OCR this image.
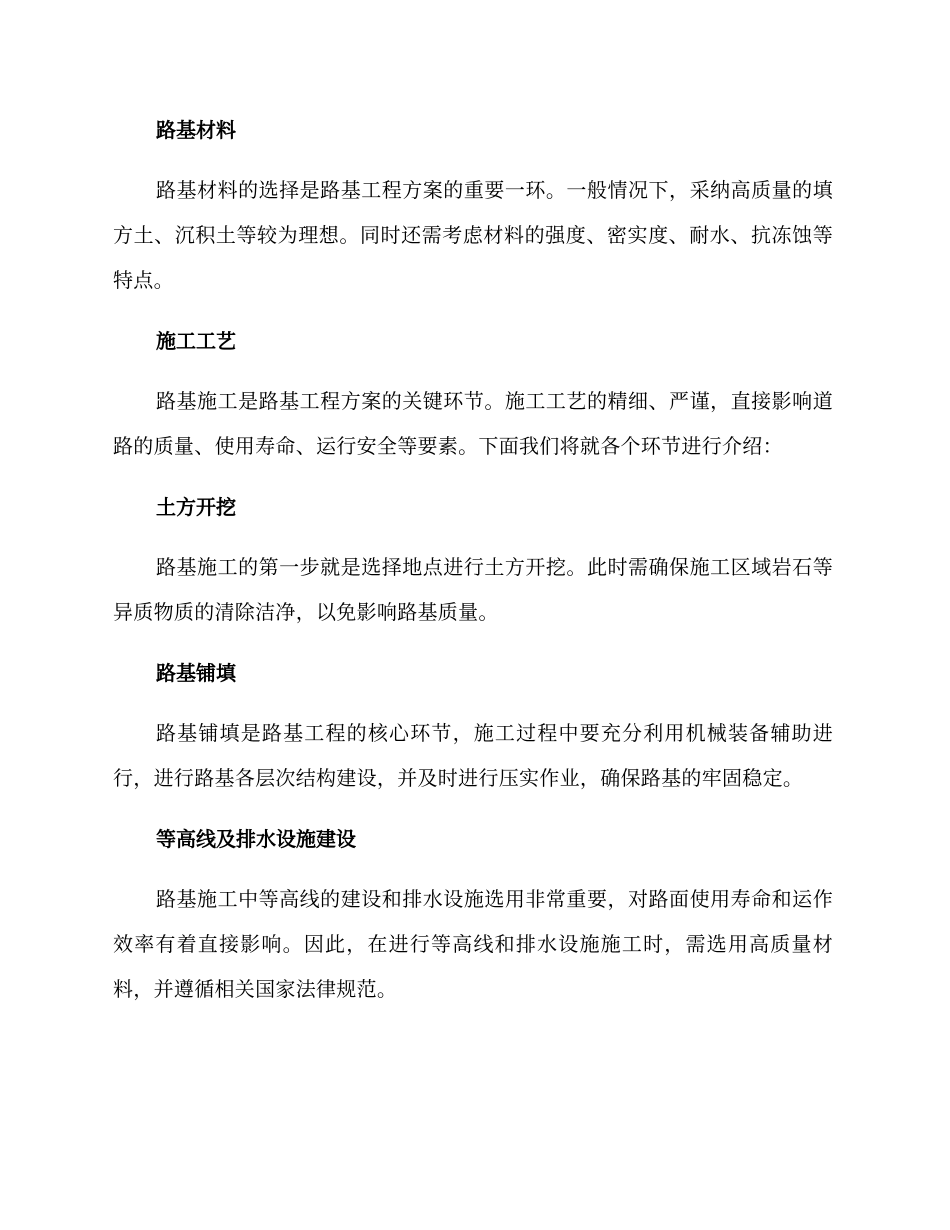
路基材料

路基材料的选择是路基工程方案的重要一环。一般情况下，采纳高质量的填方土、沉积土等较为理想。同时还需考虑材料的强度、密实度、耐水、抗冻蚀等特点。

施工工艺

路基施工是路基工程方案的关键环节。施工工艺的精细、严谨，直接影响道路的质量、使用寿命、运行安全等要素。下面我们将就各个环节进行介绍：

土方开挖

路基施工的第一步就是选择地点进行土方开挖。此时需确保施工区域岩石等异质物质的清除洁净，以免影响路基质量。

路基铺填

路基铺填是路基工程的核心环节，施工过程中要充分利用机械装备辅助进行，进行路基各层次结构建设，并及时进行压实作业，确保路基的牢固稳定。

等高线及排水设施建设

路基施工中等高线的建设和排水设施选用非常重要，对路面使用寿命和运作效率有着直接影响。因此，在进行等高线和排水设施施工时，需选用高质量材料，并遵循相关国家法律规范。
